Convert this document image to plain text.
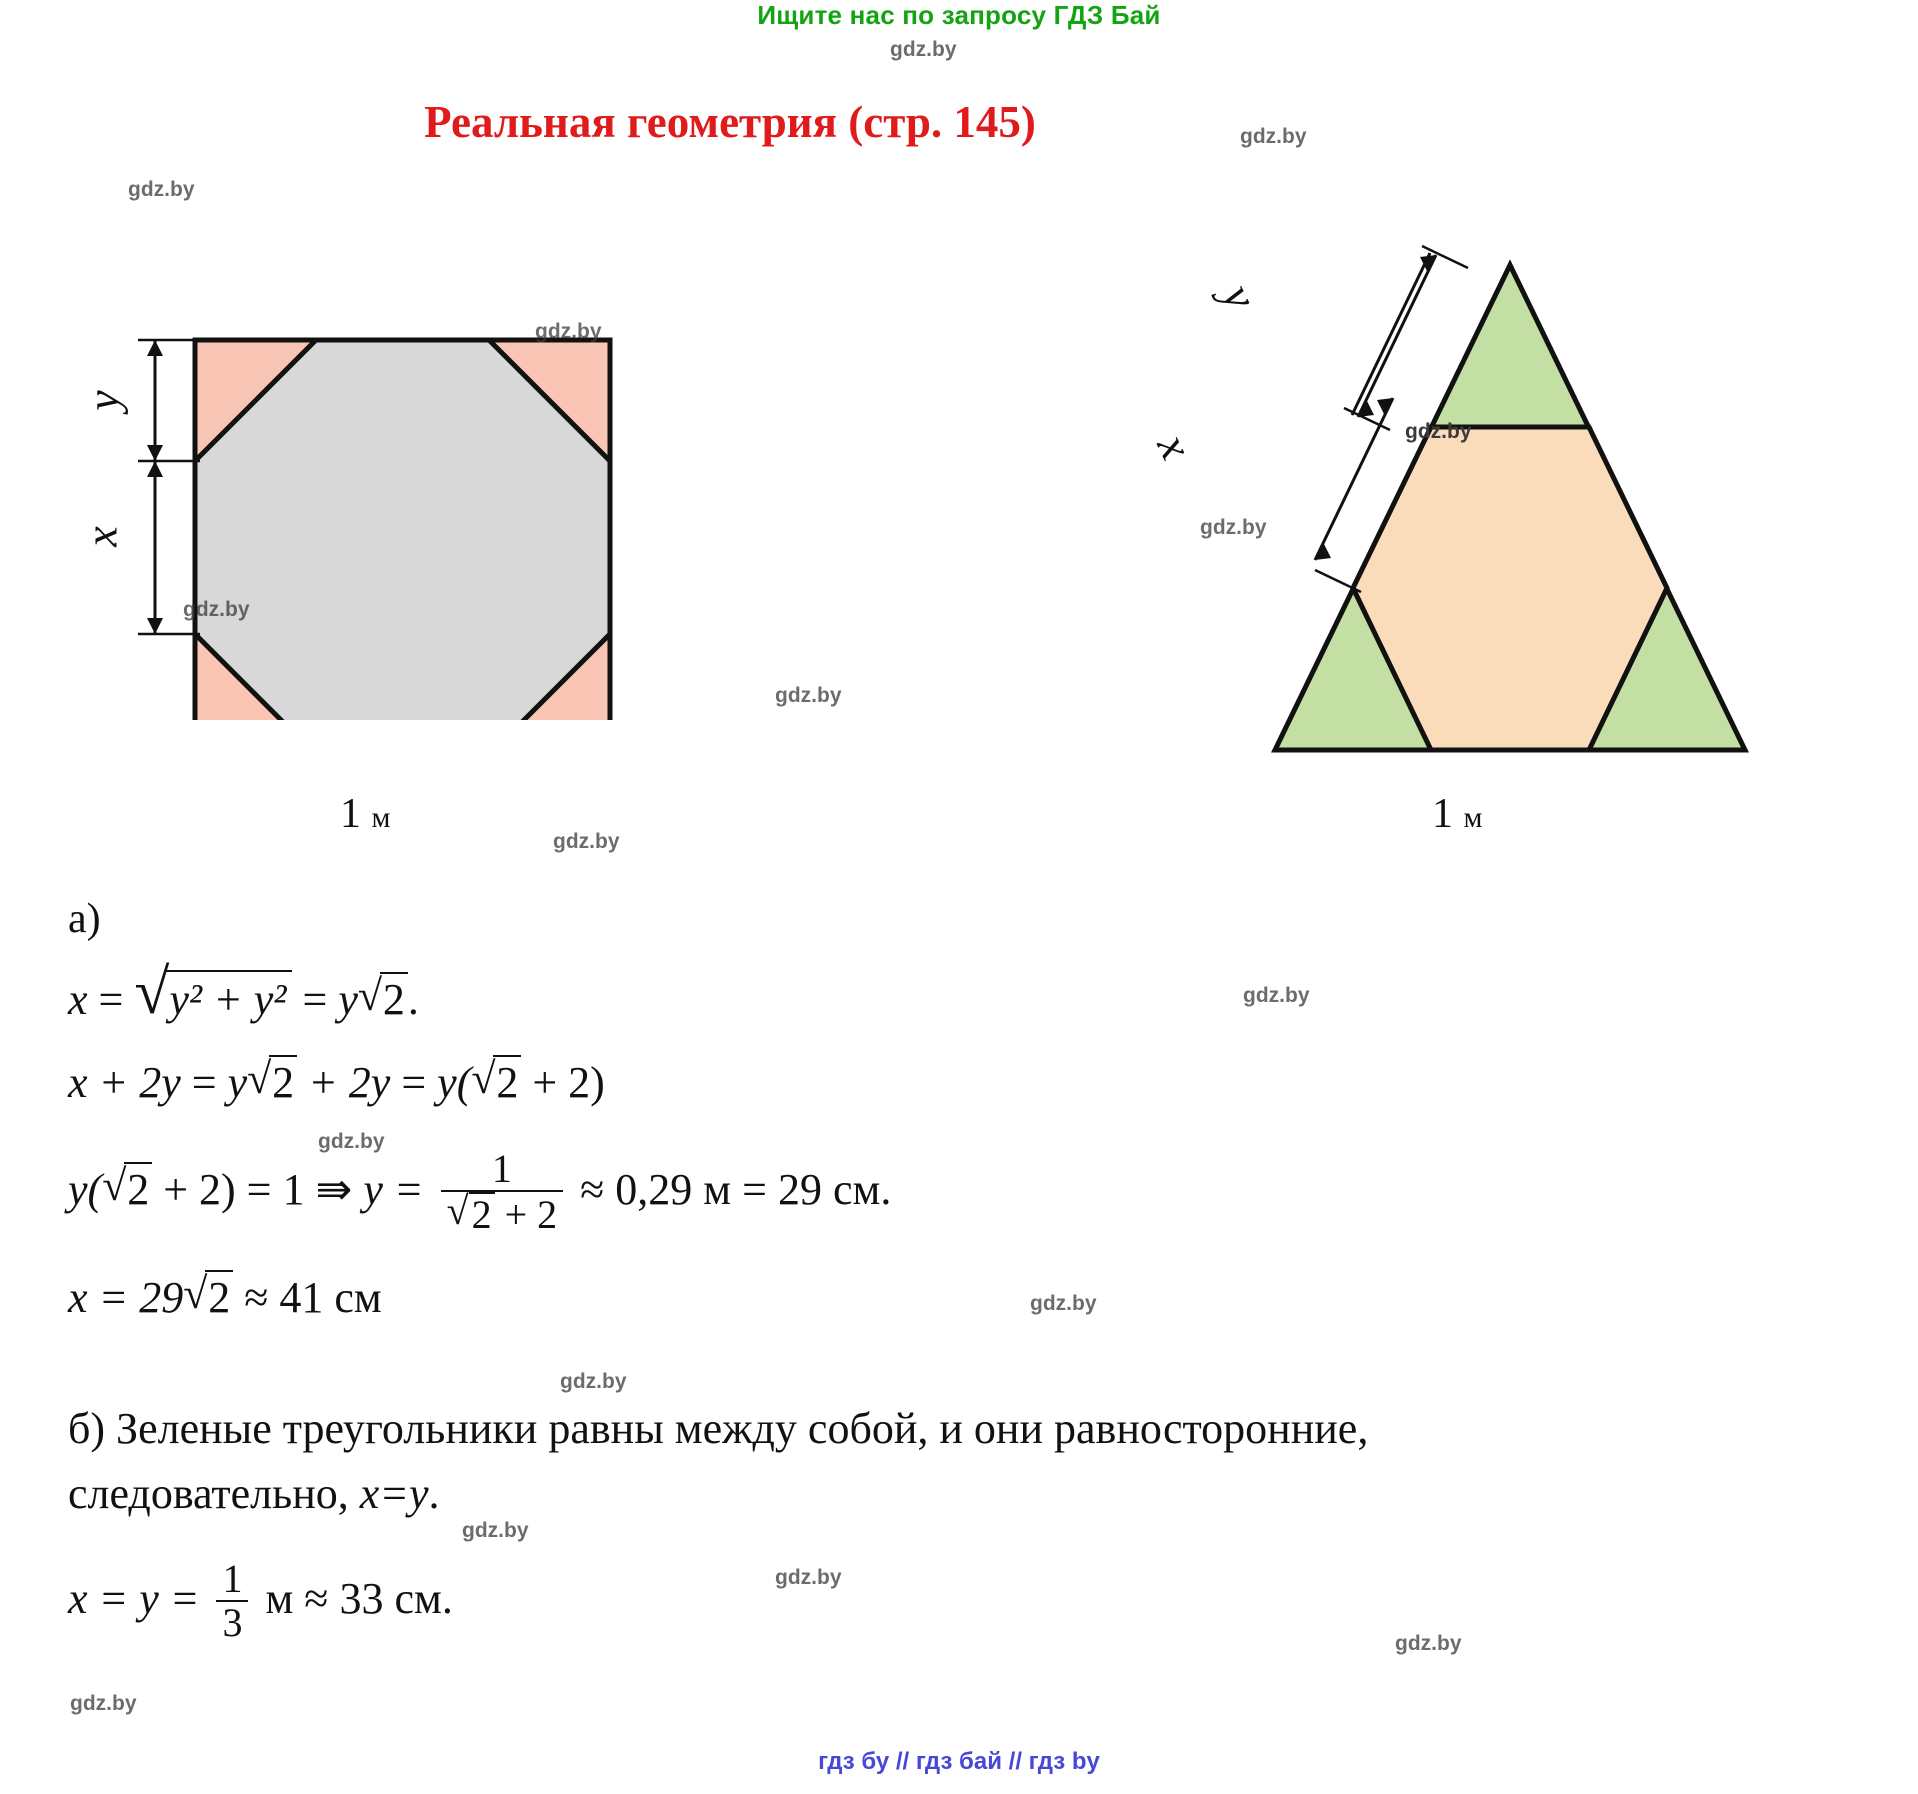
Ищите нас по запросу ГДЗ Бай
Реальная геометрия (стр. 145)
y
x
1 м
y
x	gdz.by
1 м
а)
x = √ y² + y² = y √ 2.
x + 2y = y √ 2 + 2y = y( √ 2 + 2)
y( √ 2 + 2) = 1 ⇛ y = 1
√ 2 + 2 ≈ 0,29 м = 29 см.
x = 29 √ 2 ≈ 41 см
б) Зеленые треугольники равны между собой, и они равносторонние,
следовательно, x=y.
$x = y = \frac{1}{3}$ м ≈ 33 см.
гдз бу // гдз бай // гдз by
gdz.by
gdz.by
gdz.by
gdz.by
gdz.by
gdz.by
gdz.by
gdz.by
gdz.by
gdz.by
gdz.by
gdz.by
gdz.by
gdz.by
gdz.by
gdz.by
